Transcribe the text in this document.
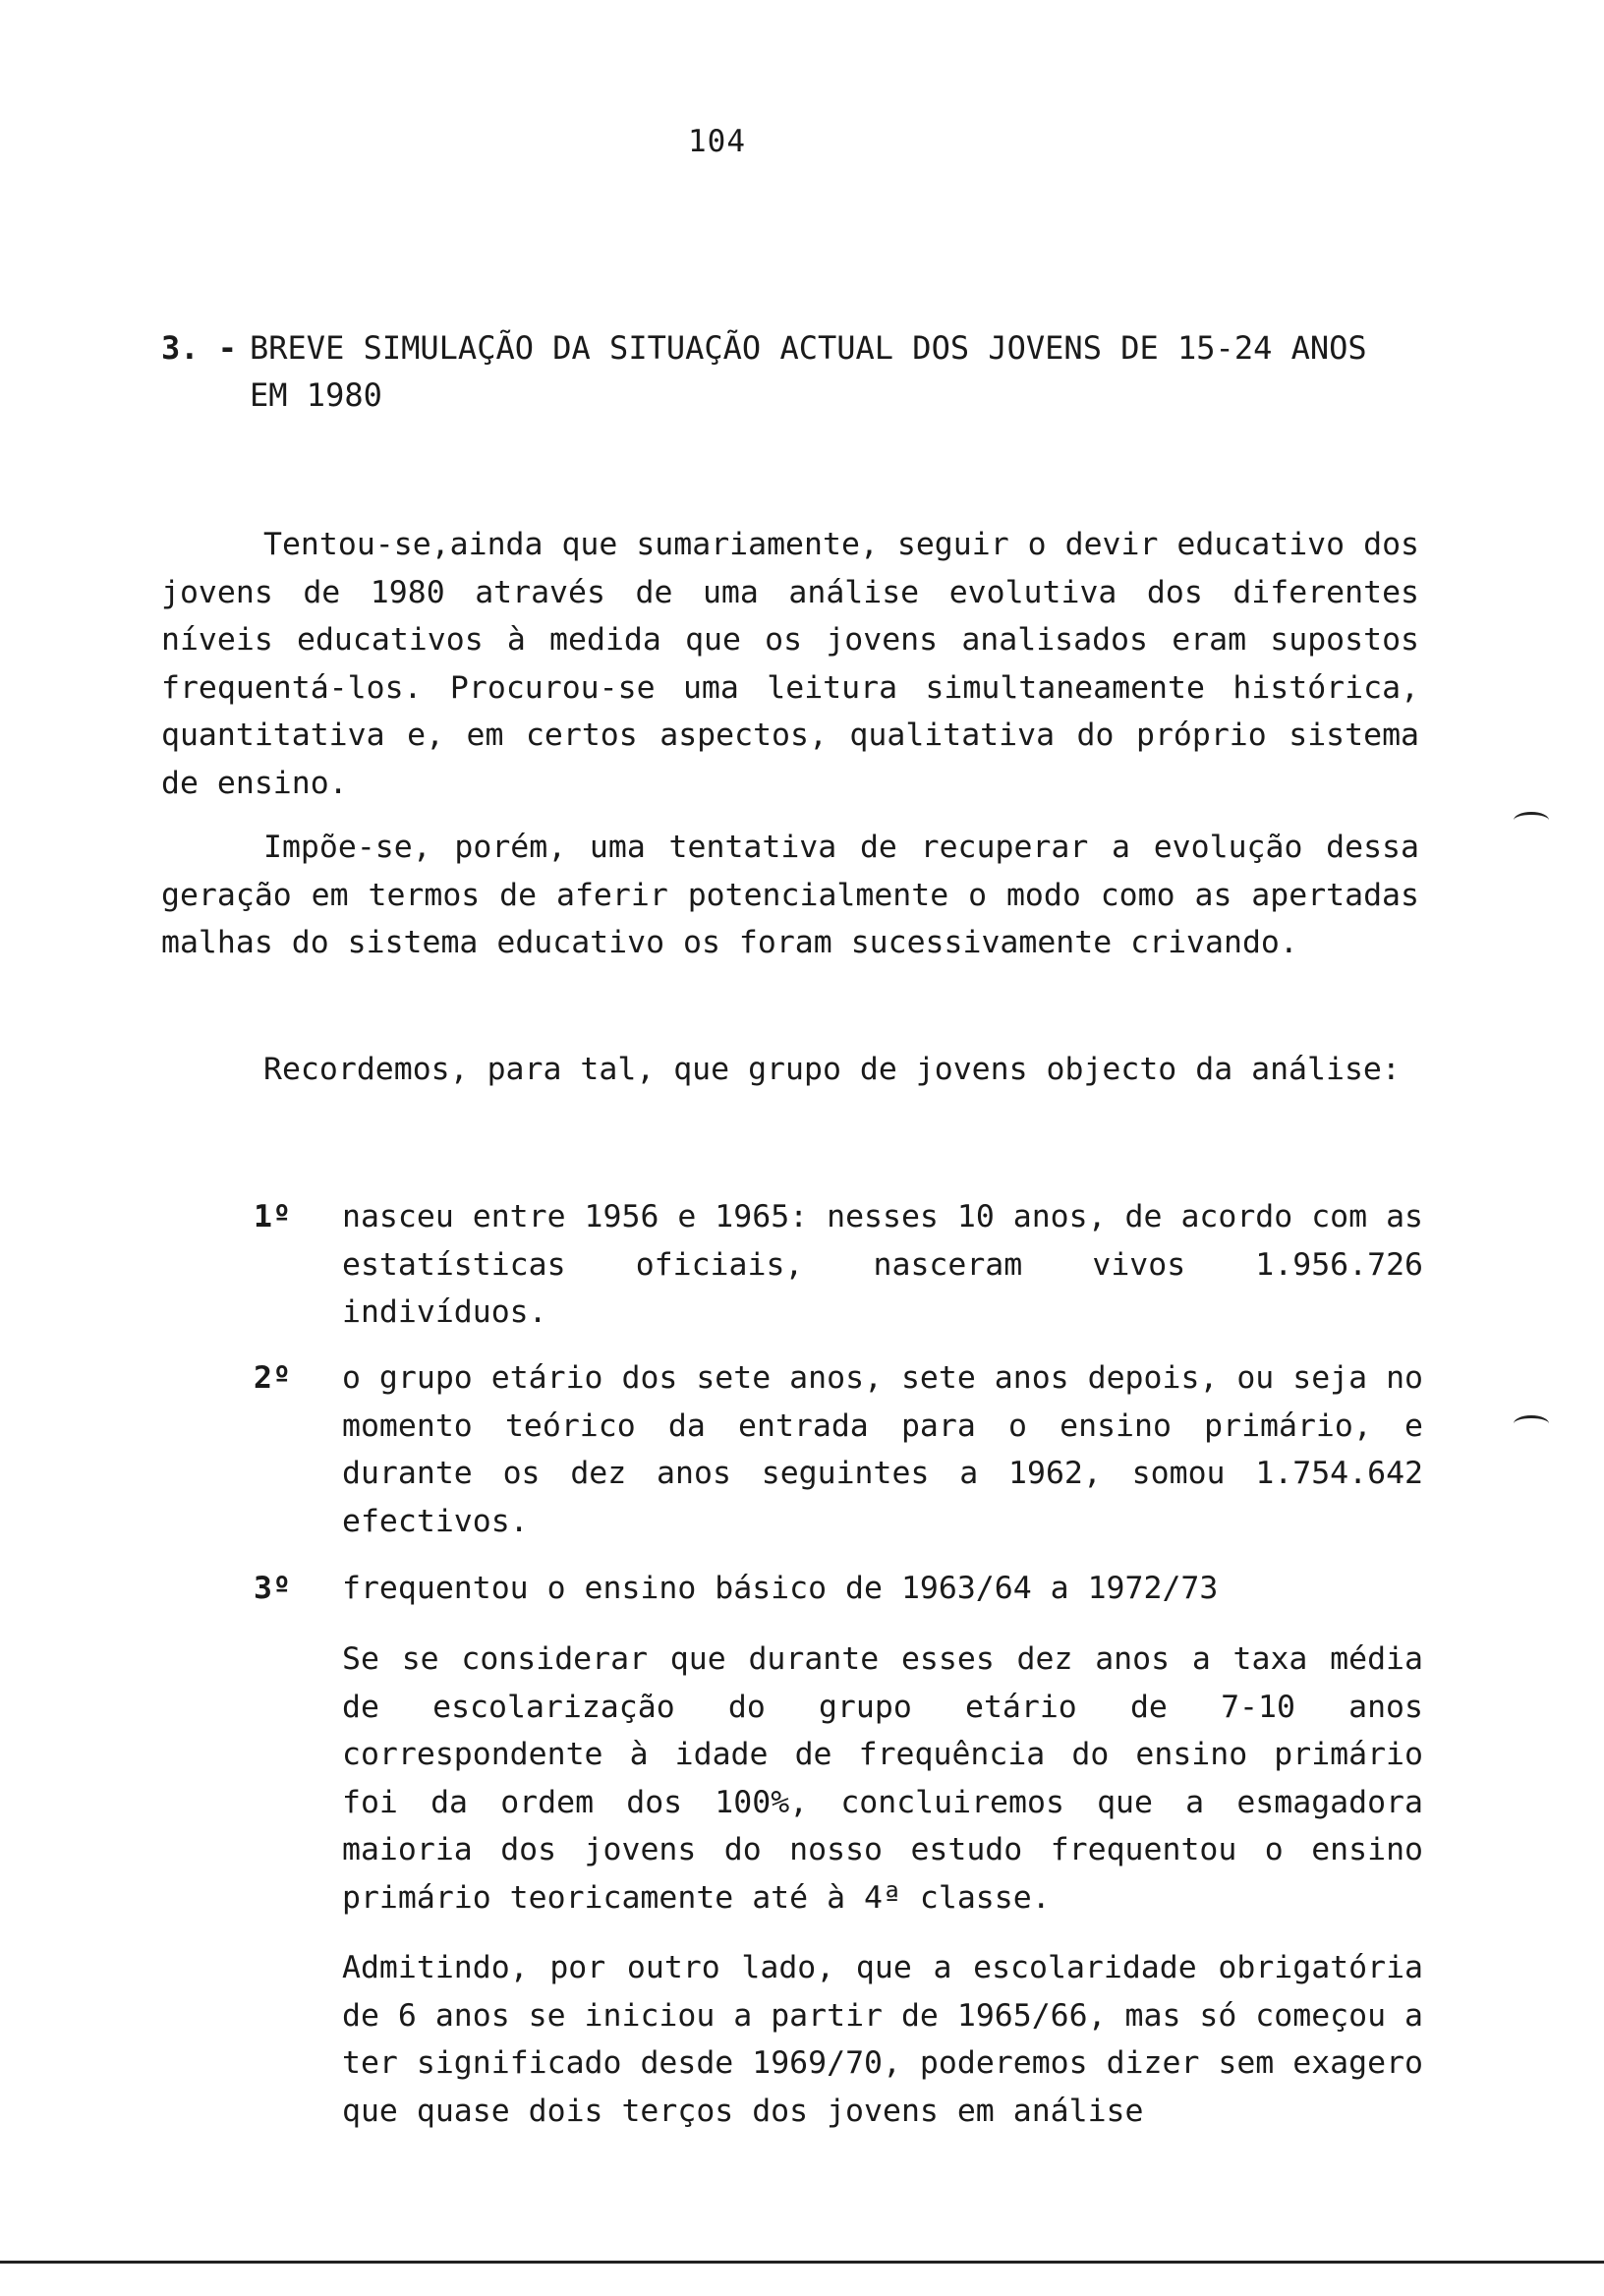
104
3. - BREVE SIMULAÇÃO DA SITUAÇÃO ACTUAL DOS JOVENS DE 15-24 ANOS
EM 1980

Tentou-se,ainda que sumariamente, seguir o devir educativo dos jovens de 1980 através de uma análise evolutiva dos diferentes níveis educativos à medida que os jovens analisados eram supostos frequentá-los. Procurou-se uma leitura simultaneamente histórica, quantitativa e, em certos aspectos, qualitativa do próprio sistema de ensino.

Impõe-se, porém, uma tentativa de recuperar a evolução dessa geração em termos de aferir potencialmente o modo como as apertadas malhas do sistema educativo os foram sucessivamente crivando.

Recordemos, para tal, que grupo de jovens objecto da análise:

1º nasceu entre 1956 e 1965: nesses 10 anos, de acordo com as estatísticas oficiais, nasceram vivos 1.956.726 indivíduos.
2º o grupo etário dos sete anos, sete anos depois, ou seja no momento teórico da entrada para o ensino primário, e durante os dez anos seguintes a 1962, somou 1.754.642 efectivos.
3º frequentou o ensino básico de 1963/64 a 1972/73

Se se considerar que durante esses dez anos a taxa média de escolarização do grupo etário de 7-10 anos correspondente à idade de frequência do ensino primário foi da ordem dos 100%, concluiremos que a esmagadora maioria dos jovens do nosso estudo frequentou o ensino primário teoricamente até à 4ª classe.

Admitindo, por outro lado, que a escolaridade obrigatória de 6 anos se iniciou a partir de 1965/66, mas só começou a ter significado desde 1969/70, poderemos dizer sem exagero que quase dois terços dos jovens em análise
